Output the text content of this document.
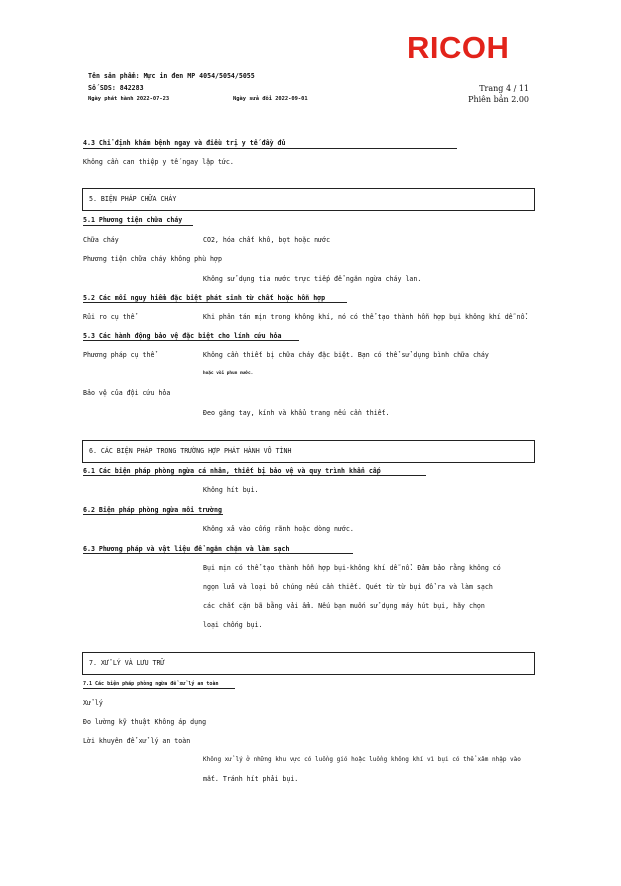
RICOH
Tên sản phẩm: Mực in đen MP 4054/5054/5055
Số SDS: 842283
Ngày phát hành 2022-07-23	Ngày sửa đổi 2022-09-01
Trang 4 / 11
Phiên bản 2.00
4.3 Chỉ định khám bệnh ngay và điều trị y tế đầy đủ
Không cần can thiệp y tế ngay lập tức.
5. BIỆN PHÁP CHỮA CHÁY
5.1 Phương tiện chữa cháy
Chữa cháy	CO2, hóa chất khô, bọt hoặc nước
Phương tiện chữa cháy không phù hợp
Không sử dụng tia nước trực tiếp để ngăn ngừa cháy lan.
5.2 Các mối nguy hiểm đặc biệt phát sinh từ chất hoặc hỗn hợp
Rủi ro cụ thể	Khi phân tán mịn trong không khí, nó có thể tạo thành hỗn hợp bụi không khí dễ nổ.
5.3 Các hành động bảo vệ đặc biệt cho lính cứu hỏa
Phương pháp cụ thể	Không cần thiết bị chữa cháy đặc biệt. Bạn có thể sử dụng bình chữa cháy
hoặc vòi phun nước.
Bảo vệ của đội cứu hỏa
Đeo găng tay, kính và khẩu trang nếu cần thiết.
6. CÁC BIỆN PHÁP TRONG TRƯỜNG HỢP PHÁT HÀNH VÔ TÌNH
6.1 Các biện pháp phòng ngừa cá nhân, thiết bị bảo vệ và quy trình khẩn cấp
Không hít bụi.
6.2 Biện pháp phòng ngừa môi trường
Không xả vào cống rãnh hoặc dòng nước.
6.3 Phương pháp và vật liệu để ngăn chặn và làm sạch
Bụi mịn có thể tạo thành hỗn hợp bụi-không khí dễ nổ. Đảm bảo rằng không có
ngọn lửa và loại bỏ chúng nếu cần thiết. Quét từ từ bụi đổ ra và làm sạch
các chất cặn bã bằng vải ẩm. Nếu bạn muốn sử dụng máy hút bụi, hãy chọn
loại chống bụi.
7. XỬ LÝ VÀ LƯU TRỮ
7.1 Các biện pháp phòng ngừa để xử lý an toàn
Xử lý
Đo lường kỹ thuật Không áp dụng
Lời khuyên để xử lý an toàn
Không xử lý ở những khu vực có luồng gió hoặc luồng không khí vì bụi có thể xâm nhập vào
mắt. Tránh hít phải bụi.
